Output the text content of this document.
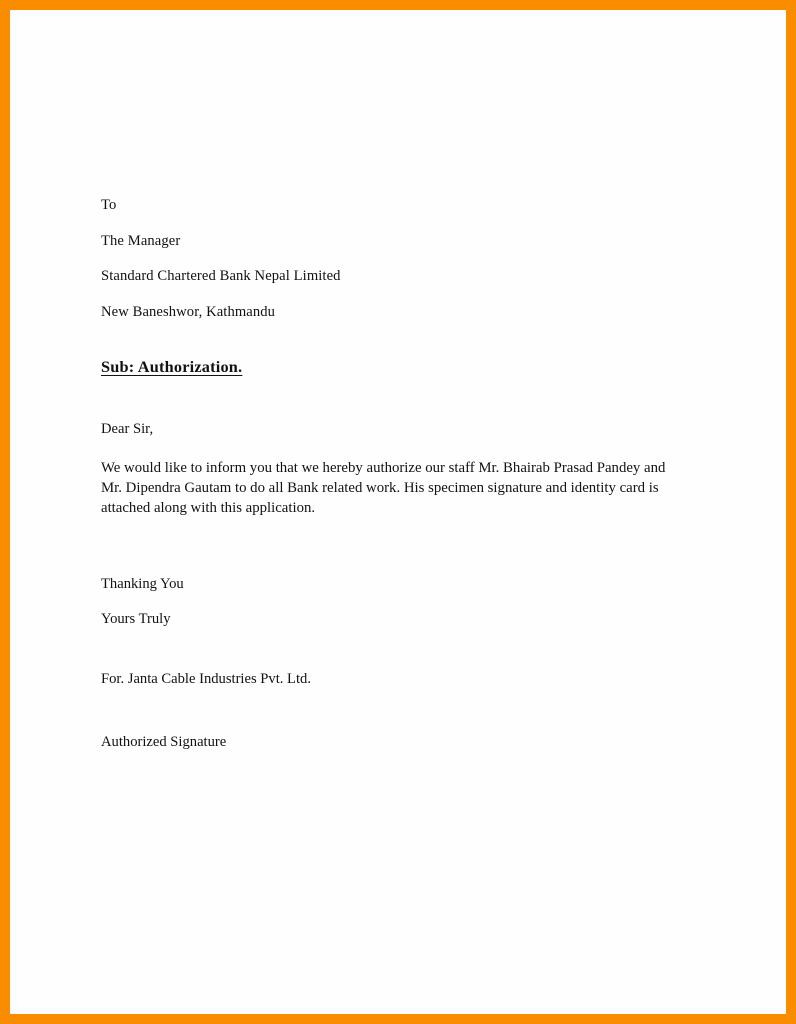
To

The Manager

Standard Chartered Bank Nepal Limited

New Baneshwor, Kathmandu

Sub: Authorization.

Dear Sir,

We would like to inform you that we hereby authorize our staff Mr. Bhairab Prasad Pandey and Mr. Dipendra Gautam to do all Bank related work. His specimen signature and identity card is attached along with this application.

Thanking You

Yours Truly

For. Janta Cable Industries Pvt. Ltd.

Authorized Signature
